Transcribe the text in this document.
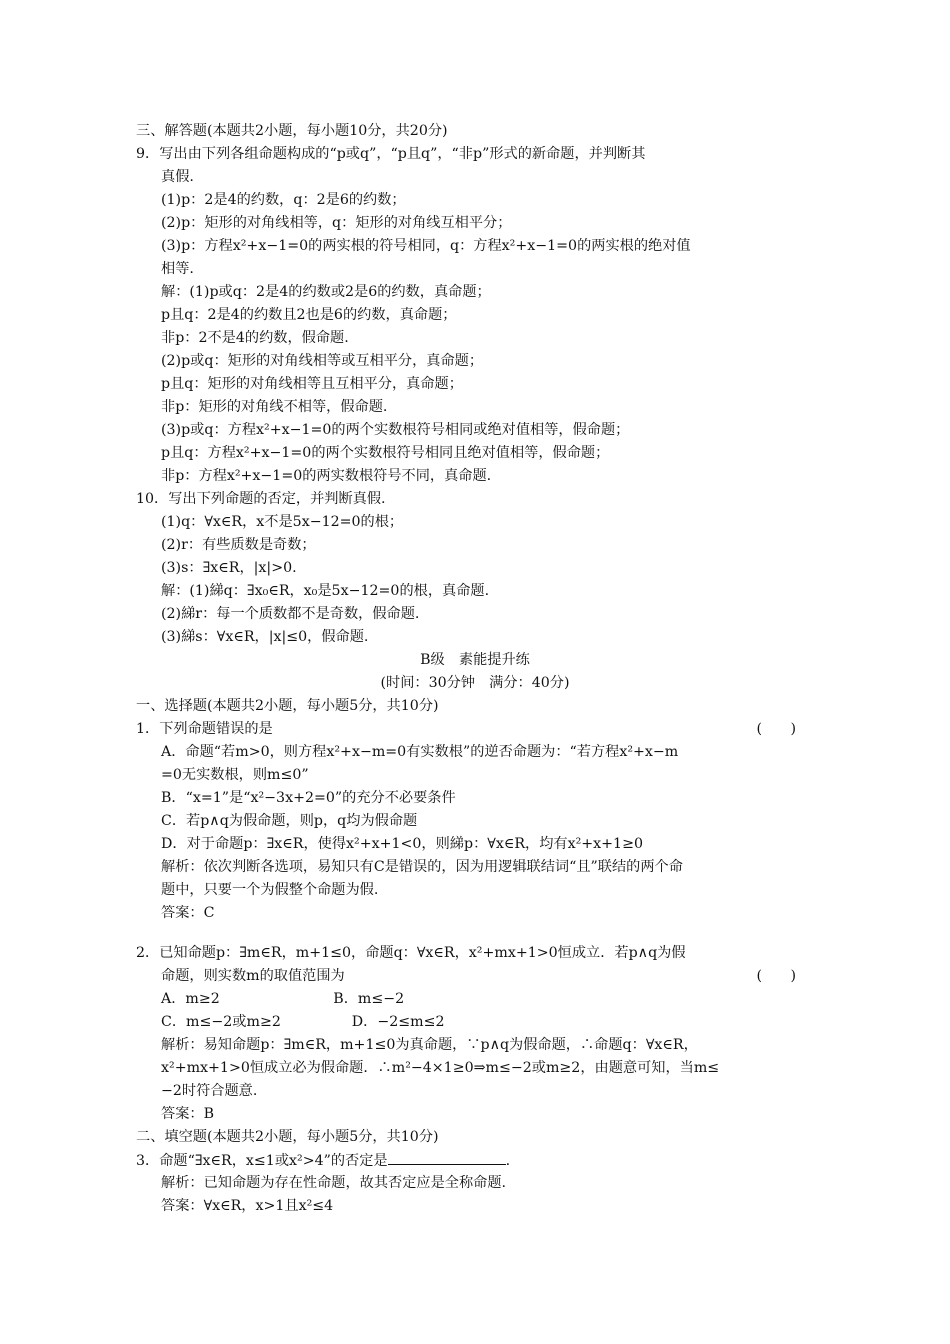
三、解答题(本题共2小题，每小题10分，共20分)
9．写出由下列各组命题构成的“p或q”，“p且q”，“非p”形式的新命题，并判断其
真假.
(1)p：2是4的约数，q：2是6的约数；
(2)p：矩形的对角线相等，q：矩形的对角线互相平分；
(3)p：方程x²+x−1=0的两实根的符号相同，q：方程x²+x−1=0的两实根的绝对值
相等.
解：(1)p或q：2是4的约数或2是6的约数，真命题；
p且q：2是4的约数且2也是6的约数，真命题；
非p：2不是4的约数，假命题.
(2)p或q：矩形的对角线相等或互相平分，真命题；
p且q：矩形的对角线相等且互相平分，真命题；
非p：矩形的对角线不相等，假命题.
(3)p或q：方程x²+x−1=0的两个实数根符号相同或绝对值相等，假命题；
p且q：方程x²+x−1=0的两个实数根符号相同且绝对值相等，假命题；
非p：方程x²+x−1=0的两实数根符号不同，真命题.
10．写出下列命题的否定，并判断真假.
(1)q：∀x∈R，x不是5x−12=0的根；
(2)r：有些质数是奇数；
(3)s：∃x∈R，|x|>0.
解：(1)綈q：∃x₀∈R，x₀是5x−12=0的根，真命题.
(2)綈r：每一个质数都不是奇数，假命题.
(3)綈s：∀x∈R，|x|≤0，假命题.
B级　素能提升练
(时间：30分钟　满分：40分)
一、选择题(本题共2小题，每小题5分，共10分)
1．下列命题错误的是	(　　)
A．命题“若m>0，则方程x²+x−m=0有实数根”的逆否命题为：“若方程x²+x−m
=0无实数根，则m≤0”
B．“x=1”是“x²−3x+2=0”的充分不必要条件
C．若p∧q为假命题，则p，q均为假命题
D．对于命题p：∃x∈R，使得x²+x+1<0，则綈p：∀x∈R，均有x²+x+1≥0
解析：依次判断各选项，易知只有C是错误的，因为用逻辑联结词“且”联结的两个命
题中，只要一个为假整个命题为假.
答案：C
2．已知命题p：∃m∈R，m+1≤0，命题q：∀x∈R，x²+mx+1>0恒成立．若p∧q为假
命题，则实数m的取值范围为	(　　)
A．m≥2　　　　　　　　B．m≤−2
C．m≤−2或m≥2　　　　　D．−2≤m≤2
解析：易知命题p：∃m∈R，m+1≤0为真命题，∵p∧q为假命题，∴命题q：∀x∈R，
x²+mx+1>0恒成立必为假命题．∴m²−4×1≥0⇒m≤−2或m≥2，由题意可知，当m≤
−2时符合题意.
答案：B
二、填空题(本题共2小题，每小题5分，共10分)
3．命题“∃x∈R，x≤1或x²>4”的否定是	.
解析：已知命题为存在性命题，故其否定应是全称命题.
答案：∀x∈R，x>1且x²≤4
